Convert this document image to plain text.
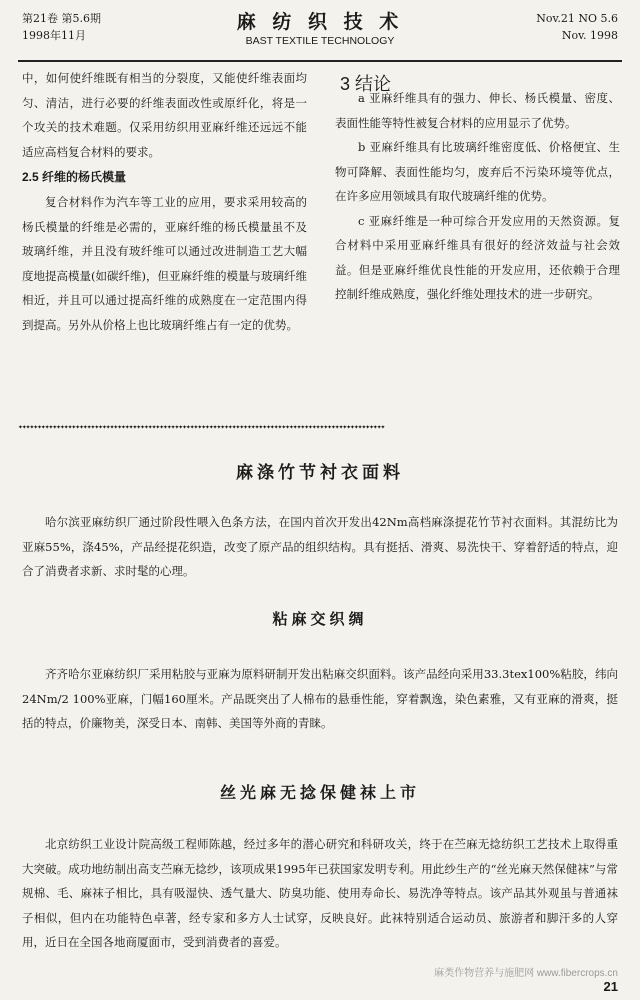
第21卷 第5.6期
1998年11月
麻 纺 织 技 术
BAST TEXTILE TECHNOLOGY
Nov.21 NO 5.6
Nov. 1998

中，如何使纤维既有相当的分裂度，又能使纤维表面均匀、清洁，进行必要的纤维表面改性或原纤化，将是一个攻关的技术难题。仅采用纺织用亚麻纤维还远远不能适应高档复合材料的要求。

2.5 纤维的杨氏模量

复合材料作为汽车等工业的应用，要求采用较高的杨氏模量的纤维是必需的，亚麻纤维的杨氏模量虽不及玻璃纤维，并且没有玻纤维可以通过改进制造工艺大幅度地提高模量(如碳纤维)，但亚麻纤维的模量与玻璃纤维相近，并且可以通过提高纤维的成熟度在一定范围内得到提高。另外从价格上也比玻璃纤维占有一定的优势。

3 结论

a 亚麻纤维具有的强力、伸长、杨氏模量、密度、表面性能等特性被复合材料的应用显示了优势。

b 亚麻纤维具有比玻璃纤维密度低、价格便宜、生物可降解、表面性能均匀，废弃后不污染环境等优点，在许多应用领域具有取代玻璃纤维的优势。

c 亚麻纤维是一种可综合开发应用的天然资源。复合材料中采用亚麻纤维具有很好的经济效益与社会效益。但是亚麻纤维优良性能的开发应用，还依赖于合理控制纤维成熟度，强化纤维处理技术的进一步研究。

✦✦✦✦✦✦✦✦✦✦✦✦✦✦✦✦✦✦✦✦✦✦✦✦✦✦✦✦✦✦✦✦✦✦✦✦✦✦✦✦✦✦✦✦✦✦✦✦✦✦✦✦✦✦✦✦✦✦✦✦✦✦✦✦✦✦✦✦✦✦✦✦✦✦✦✦✦✦✦✦✦✦✦✦✦✦✦✦✦✦✦✦✦✦✦✦
麻涤竹节衬衣面料

哈尔滨亚麻纺织厂通过阶段性喂入色条方法，在国内首次开发出42Nm高档麻涤提花竹节衬衣面料。其混纺比为亚麻55%，涤45%，产品经提花织造，改变了原产品的组织结构。具有挺括、滑爽、易洗快干、穿着舒适的特点，迎合了消费者求新、求时髦的心理。

粘麻交织绸

齐齐哈尔亚麻纺织厂采用粘胶与亚麻为原料研制开发出粘麻交织面料。该产品经向采用33.3tex100%粘胶，纬向24Nm/2 100%亚麻，门幅160厘米。产品既突出了人棉布的悬垂性能，穿着飘逸，染色素雅，又有亚麻的滑爽，挺括的特点，价廉物美，深受日本、南韩、美国等外商的青睐。

丝光麻无捻保健袜上市

北京纺织工业设计院高级工程师陈越，经过多年的潜心研究和科研攻关，终于在苎麻无捻纺织工艺技术上取得重大突破。成功地纺制出高支苎麻无捻纱，该项成果1995年已获国家发明专利。用此纱生产的“丝光麻天然保健袜”与常规棉、毛、麻袜子相比，具有吸湿快、透气量大、防臭功能、使用寿命长、易洗净等特点。该产品其外观虽与普通袜子相似，但内在功能特色卓著，经专家和多方人士试穿，反映良好。此袜特别适合运动员、旅游者和脚汗多的人穿用，近日在全国各地商厦面市，受到消费者的喜爱。

麻类作物营养与施肥网 www.fibercrops.cn
21
